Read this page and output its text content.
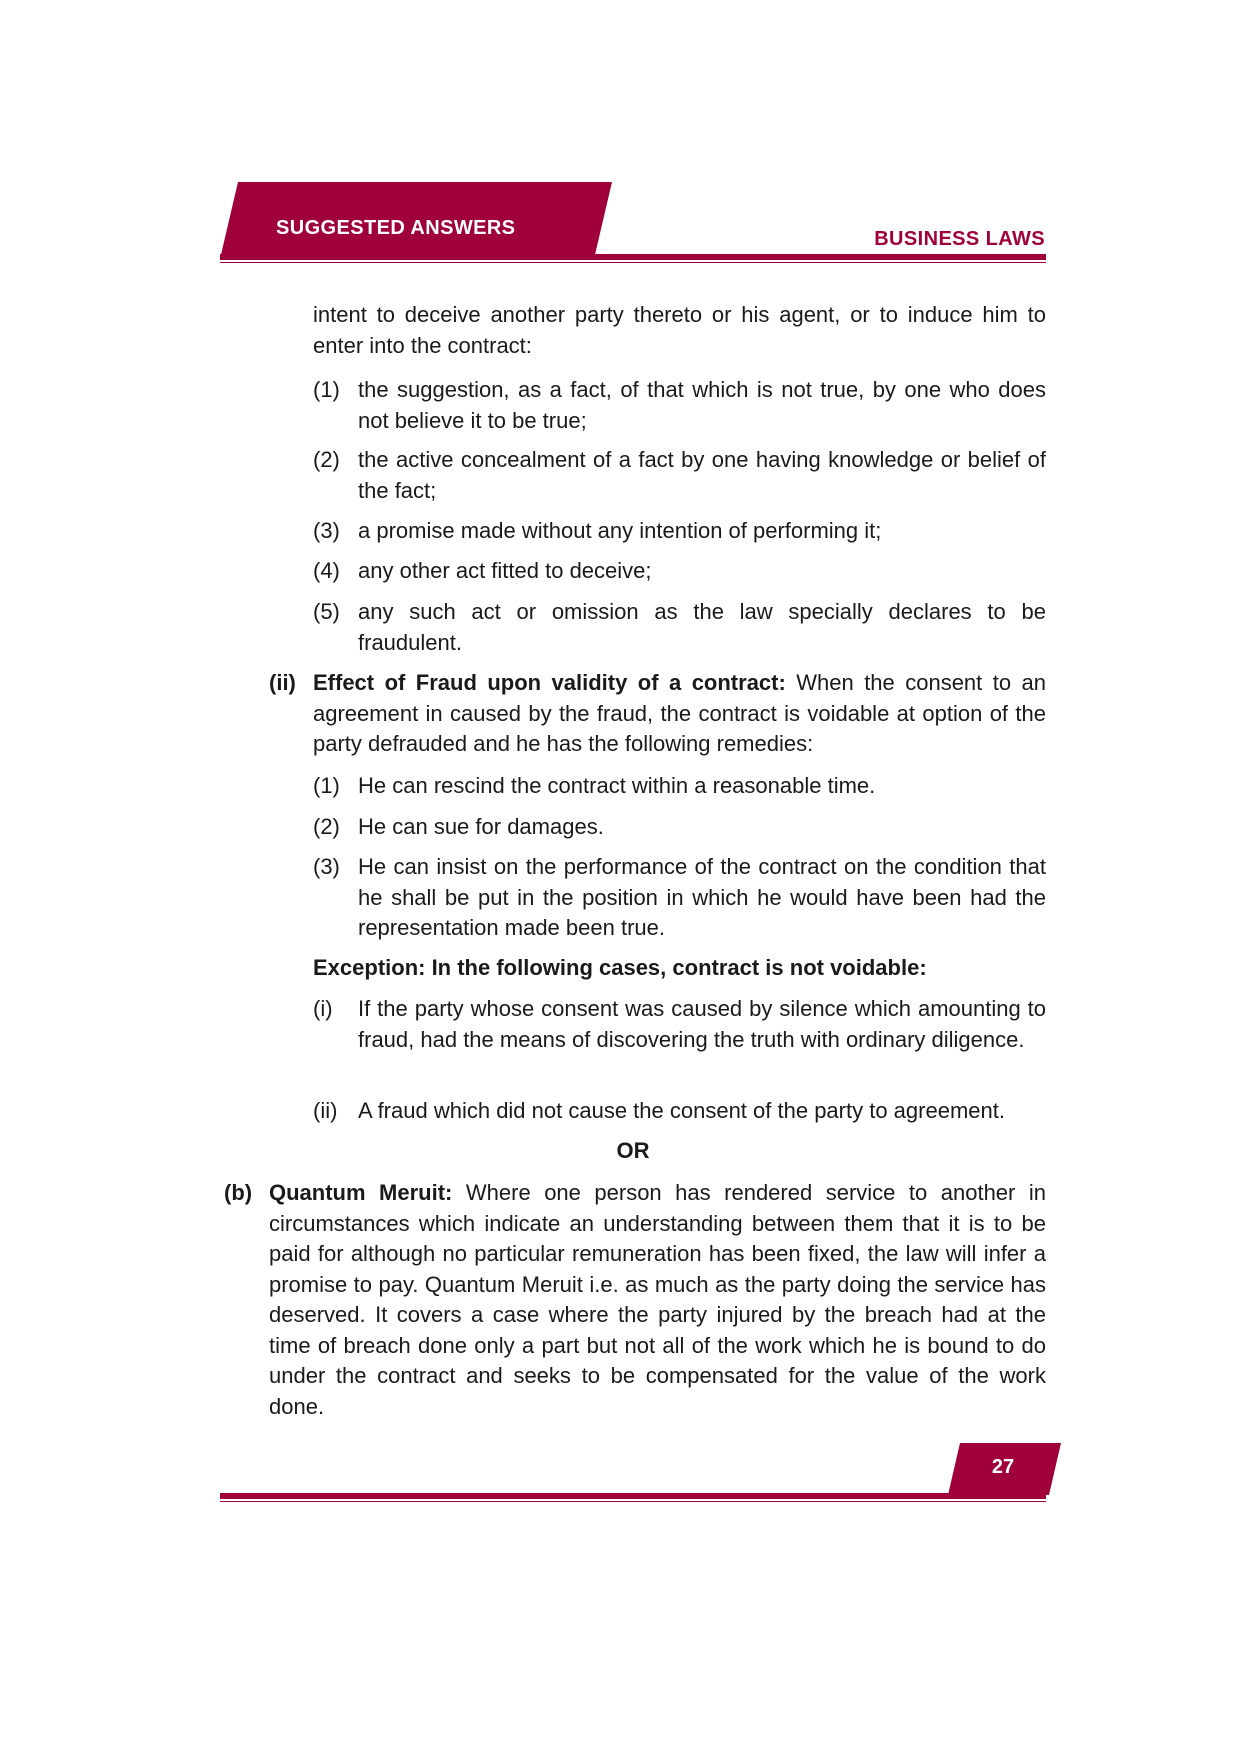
SUGGESTED ANSWERS	BUSINESS LAWS

intent to deceive another party thereto or his agent, or to induce him to enter into the contract:

(1) the suggestion, as a fact, of that which is not true, by one who does not believe it to be true;

(2) the active concealment of a fact by one having knowledge or belief of the fact;

(3) a promise made without any intention of performing it;

(4) any other act fitted to deceive;

(5) any such act or omission as the law specially declares to be fraudulent.

(ii) Effect of Fraud upon validity of a contract: When the consent to an agreement in caused by the fraud, the contract is voidable at option of the party defrauded and he has the following remedies:

(1) He can rescind the contract within a reasonable time.

(2) He can sue for damages.

(3) He can insist on the performance of the contract on the condition that he shall be put in the position in which he would have been had the representation made been true.

Exception: In the following cases, contract is not voidable:

(i) If the party whose consent was caused by silence which amounting to fraud, had the means of discovering the truth with ordinary diligence.

(ii) A fraud which did not cause the consent of the party to agreement.

OR
(b) Quantum Meruit: Where one person has rendered service to another in circumstances which indicate an understanding between them that it is to be paid for although no particular remuneration has been fixed, the law will infer a promise to pay. Quantum Meruit i.e. as much as the party doing the service has deserved. It covers a case where the party injured by the breach had at the time of breach done only a part but not all of the work which he is bound to do under the contract and seeks to be compensated for the value of the work done.

27
